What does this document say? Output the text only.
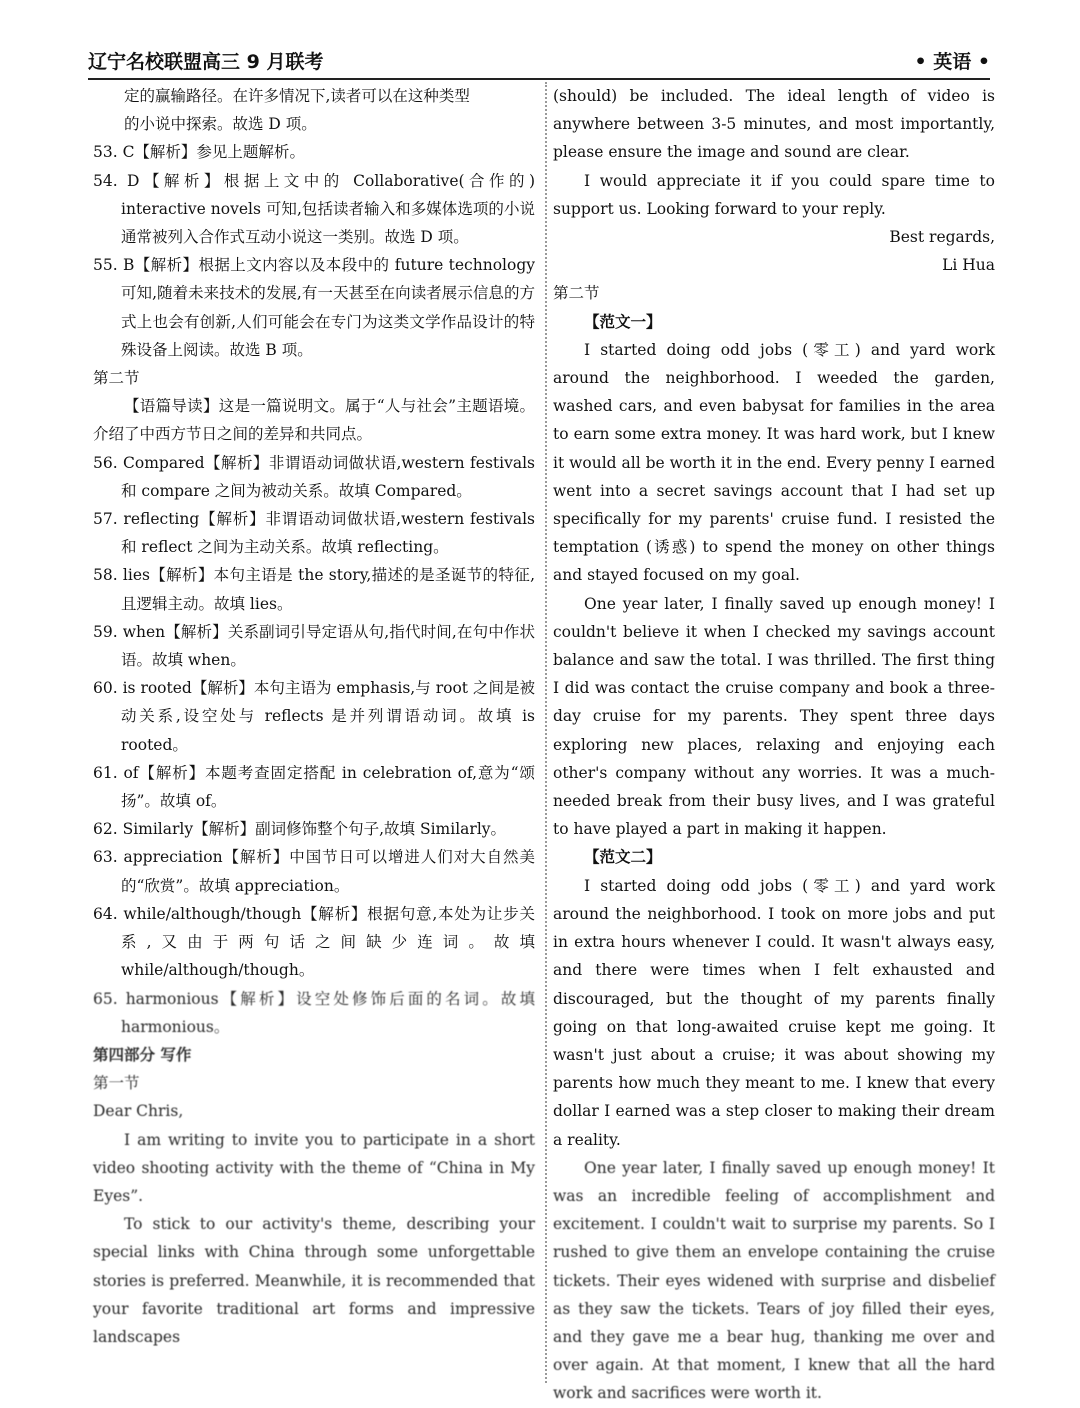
辽宁名校联盟高三 9 月联考	• 英语 •

定的赢输路径。在许多情况下,读者可以在这种类型

的小说中探索。故选 D 项。

53. C【解析】参见上题解析。

54. D【解析】根据上文中的 Collaborative(合作的) interactive novels 可知,包括读者输入和多媒体选项的小说通常被列入合作式互动小说这一类别。故选 D 项。

55. B【解析】根据上文内容以及本段中的 future technology 可知,随着未来技术的发展,有一天甚至在向读者展示信息的方式上也会有创新,人们可能会在专门为这类文学作品设计的特殊设备上阅读。故选 B 项。

第二节

【语篇导读】这是一篇说明文。属于“人与社会”主题语境。介绍了中西方节日之间的差异和共同点。

56. Compared【解析】非谓语动词做状语,western festivals 和 compare 之间为被动关系。故填 Compared。

57. reflecting【解析】非谓语动词做状语,western festivals 和 reflect 之间为主动关系。故填 reflecting。

58. lies【解析】本句主语是 the story,描述的是圣诞节的特征,且逻辑主动。故填 lies。

59. when【解析】关系副词引导定语从句,指代时间,在句中作状语。故填 when。

60. is rooted【解析】本句主语为 emphasis,与 root 之间是被动关系,设空处与 reflects 是并列谓语动词。故填 is rooted。

61. of【解析】本题考查固定搭配 in celebration of,意为“颂扬”。故填 of。

62. Similarly【解析】副词修饰整个句子,故填 Similarly。

63. appreciation【解析】中国节日可以增进人们对大自然美的“欣赏”。故填 appreciation。

64. while/although/though【解析】根据句意,本处为让步关系,又由于两句话之间缺少连词。故填 while/although/though。

65. harmonious【解析】设空处修饰后面的名词。故填 harmonious。

第四部分 写作

第一节

Dear Chris,

I am writing to invite you to participate in a short video shooting activity with the theme of “China in My Eyes”.

To stick to our activity's theme, describing your special links with China through some unforgettable stories is preferred. Meanwhile, it is recommended that your favorite traditional art forms and impressive landscapes

(should) be included. The ideal length of video is anywhere between 3-5 minutes, and most importantly, please ensure the image and sound are clear.

I would appreciate it if you could spare time to support us. Looking forward to your reply.

Best regards,

Li Hua

第二节

【范文一】

I started doing odd jobs (零工) and yard work around the neighborhood. I weeded the garden, washed cars, and even babysat for families in the area to earn some extra money. It was hard work, but I knew it would all be worth it in the end. Every penny I earned went into a secret savings account that I had set up specifically for my parents' cruise fund. I resisted the temptation (诱惑) to spend the money on other things and stayed focused on my goal.

One year later, I finally saved up enough money! I couldn't believe it when I checked my savings account balance and saw the total. I was thrilled. The first thing I did was contact the cruise company and book a three-day cruise for my parents. They spent three days exploring new places, relaxing and enjoying each other's company without any worries. It was a much-needed break from their busy lives, and I was grateful to have played a part in making it happen.

【范文二】

I started doing odd jobs (零工) and yard work around the neighborhood. I took on more jobs and put in extra hours whenever I could. It wasn't always easy, and there were times when I felt exhausted and discouraged, but the thought of my parents finally going on that long-awaited cruise kept me going. It wasn't just about a cruise; it was about showing my parents how much they meant to me. I knew that every dollar I earned was a step closer to making their dream a reality.

One year later, I finally saved up enough money! It was an incredible feeling of accomplishment and excitement. I couldn't wait to surprise my parents. So I rushed to give them an envelope containing the cruise tickets. Their eyes widened with surprise and disbelief as they saw the tickets. Tears of joy filled their eyes, and they gave me a bear hug, thanking me over and over again. At that moment, I knew that all the hard work and sacrifices were worth it.
